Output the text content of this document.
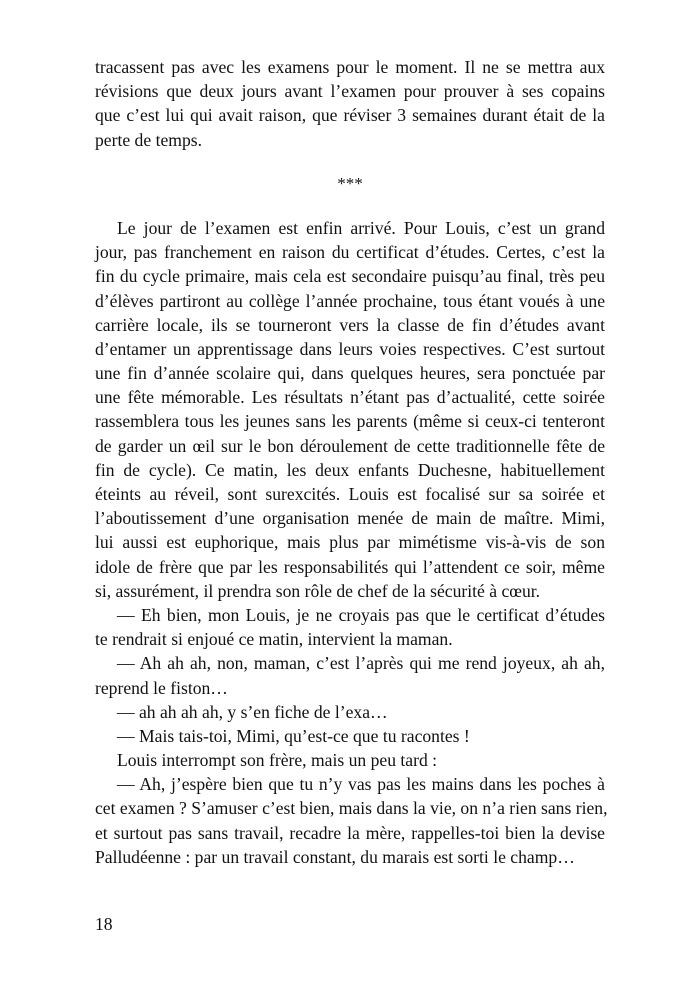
tracassent pas avec les examens pour le moment. Il ne se mettra aux
révisions que deux jours avant l’examen pour prouver à ses copains
que c’est lui qui avait raison, que réviser 3 semaines durant était de la
perte de temps.
***
Le jour de l’examen est enfin arrivé. Pour Louis, c’est un grand
jour, pas franchement en raison du certificat d’études. Certes, c’est la
fin du cycle primaire, mais cela est secondaire puisqu’au final, très peu
d’élèves partiront au collège l’année prochaine, tous étant voués à une
carrière locale, ils se tourneront vers la classe de fin d’études avant
d’entamer un apprentissage dans leurs voies respectives. C’est surtout
une fin d’année scolaire qui, dans quelques heures, sera ponctuée par
une fête mémorable. Les résultats n’étant pas d’actualité, cette soirée
rassemblera tous les jeunes sans les parents (même si ceux-ci tenteront
de garder un œil sur le bon déroulement de cette traditionnelle fête de
fin de cycle). Ce matin, les deux enfants Duchesne, habituellement
éteints au réveil, sont surexcités. Louis est focalisé sur sa soirée et
l’aboutissement d’une organisation menée de main de maître. Mimi,
lui aussi est euphorique, mais plus par mimétisme vis-à-vis de son
idole de frère que par les responsabilités qui l’attendent ce soir, même
si, assurément, il prendra son rôle de chef de la sécurité à cœur.
— Eh bien, mon Louis, je ne croyais pas que le certificat d’études
te rendrait si enjoué ce matin, intervient la maman.
— Ah ah ah, non, maman, c’est l’après qui me rend joyeux, ah ah,
reprend le fiston…
— ah ah ah ah, y s’en fiche de l’exa…
— Mais tais-toi, Mimi, qu’est-ce que tu racontes !
Louis interrompt son frère, mais un peu tard :
— Ah, j’espère bien que tu n’y vas pas les mains dans les poches à
cet examen ? S’amuser c’est bien, mais dans la vie, on n’a rien sans rien,
et surtout pas sans travail, recadre la mère, rappelles-toi bien la devise
Palludéenne : par un travail constant, du marais est sorti le champ…
18
